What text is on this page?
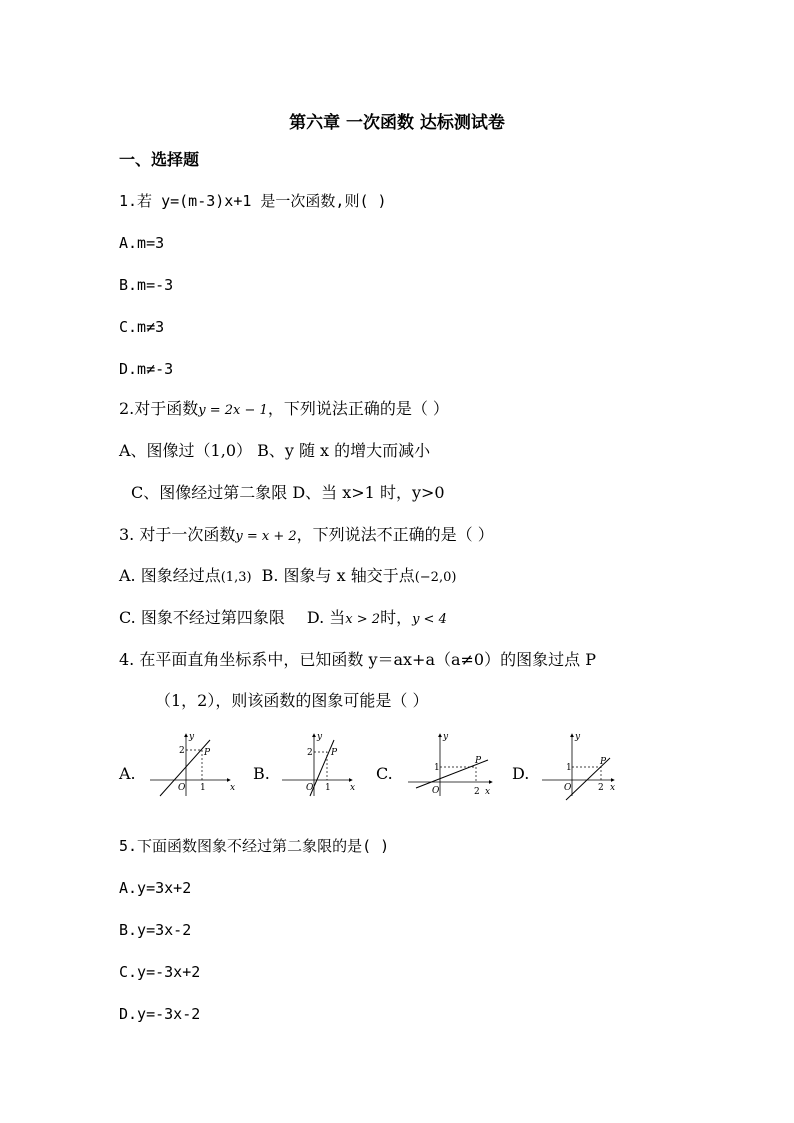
第六章 一次函数 达标测试卷
一、选择题
1.若 y=(m-3)x+1 是一次函数,则( )
A.m=3
B.m=-3
C.m≠3
D.m≠-3
2.对于函数y = 2x − 1，下列说法正确的是（ ）
A、图像过（1,0） B、y 随 x 的增大而减小
C、图像经过第二象限 D、当 x>1 时，y>0
3. 对于一次函数y = x + 2，下列说法不正确的是（ ）
A. 图象经过点(1,3) B. 图象与 x 轴交于点(−2,0)
C. 图象不经过第四象限 D. 当x > 2时，y < 4
4. 在平面直角坐标系中，已知函数 y＝ax+a（a≠0）的图象过点 P
（1，2），则该函数的图象可能是（ ）
A.	B.	C.	D.
y
x
O
2
1
P
y
x
O
2
1
P
y
x
O
1
2
P
y
x
O
1
2
P
5.下面函数图象不经过第二象限的是( )
A.y=3x+2
B.y=3x-2
C.y=-3x+2
D.y=-3x-2
